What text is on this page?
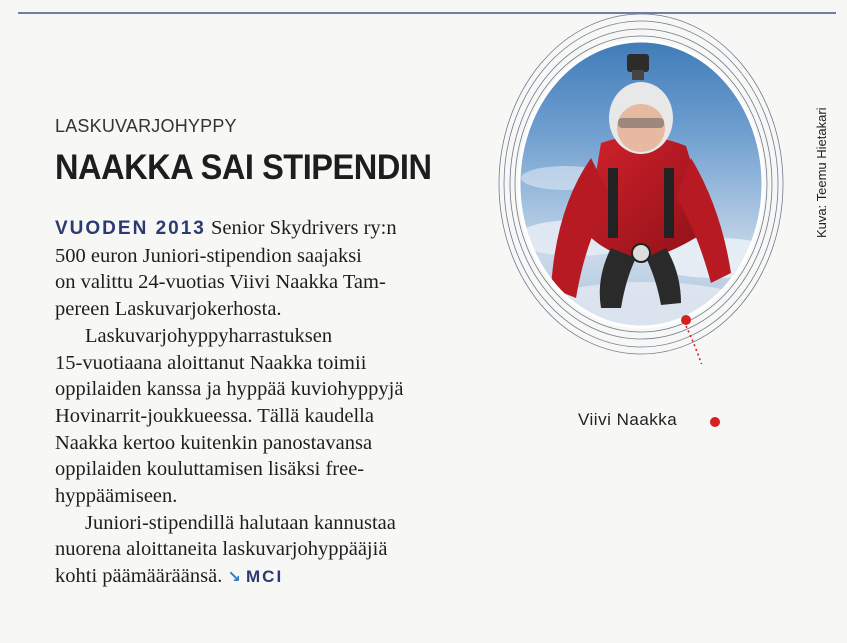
LASKUVARJOHYPPY
NAAKKA SAI STIPENDIN

VUODEN 2013 Senior Skydrivers ry:n
500 euron Juniori-stipendion saajaksi
on valittu 24-vuotias Viivi Naakka Tam-
pereen Laskuvarjokerhosta.

Laskuvarjohyppyharrastuksen
15-vuotiaana aloittanut Naakka toimii
oppilaiden kanssa ja hyppää kuviohyppyjä
Hovinarrit-joukkueessa. Tällä kaudella
Naakka kertoo kuitenkin panostavansa
oppilaiden kouluttamisen lisäksi free-
hyppäämiseen.

Juniori-stipendillä halutaan kannustaa
nuorena aloittaneita laskuvarjohyppääjiä
kohti päämääräänsä. ↘ MCI

Viivi Naakka
Kuva: Teemu Hietakari
